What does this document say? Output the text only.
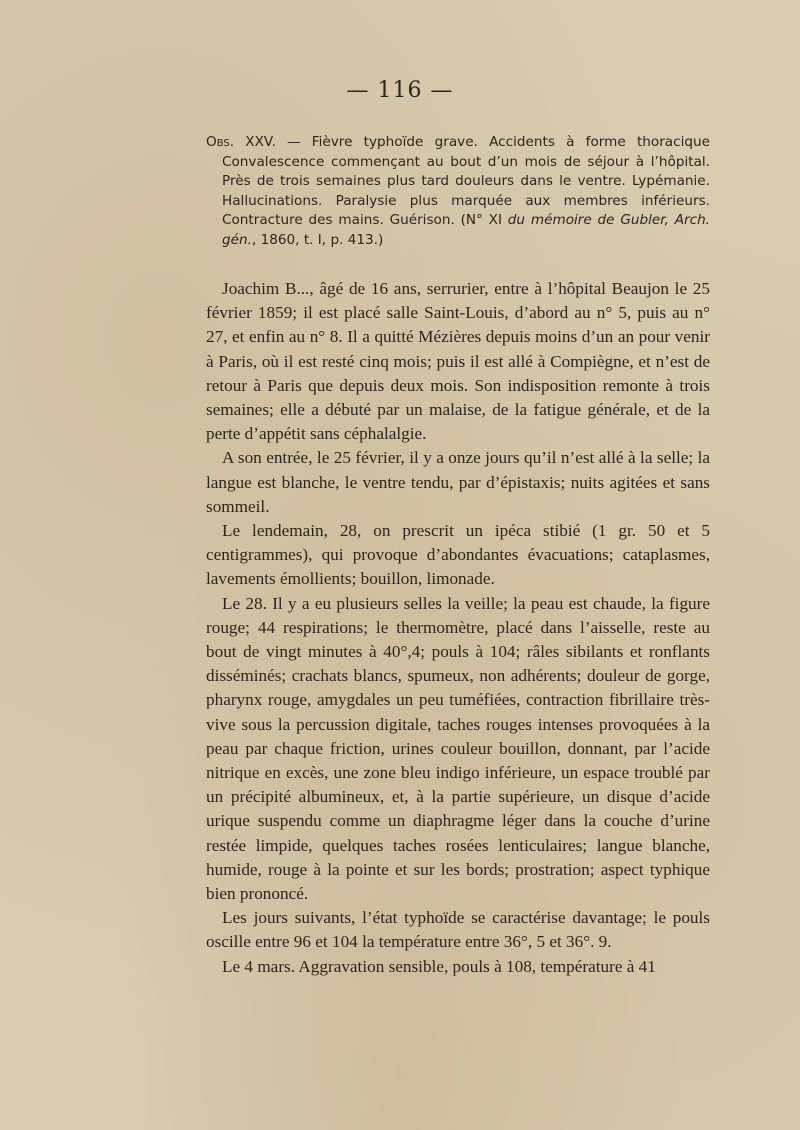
— 116 —

Obs. XXV. — Fièvre typhoïde grave. Accidents à forme thoracique Convalescence commençant au bout d’un mois de séjour à l’hôpital. Près de trois semaines plus tard douleurs dans le ventre. Lypémanie. Hallucinations. Paralysie plus marquée aux membres inférieurs. Contracture des mains. Guérison. (N° XI du mémoire de Gubler, Arch. gén., 1860, t. I, p. 413.)

Joachim B..., âgé de 16 ans, serrurier, entre à l’hôpital Beaujon le 25 février 1859; il est placé salle Saint-Louis, d’abord au n° 5, puis au n° 27, et enfin au n° 8. Il a quitté Mézières depuis moins d’un an pour venir à Paris, où il est resté cinq mois; puis il est allé à Compiègne, et n’est de retour à Paris que depuis deux mois. Son indisposition remonte à trois semaines; elle a débuté par un malaise, de la fatigue générale, et de la perte d’appétit sans céphalalgie.

A son entrée, le 25 février, il y a onze jours qu’il n’est allé à la selle; la langue est blanche, le ventre tendu, par d’épistaxis; nuits agitées et sans sommeil.

Le lendemain, 28, on prescrit un ipéca stibié (1 gr. 50 et 5 centigrammes), qui provoque d’abondantes évacuations; cataplasmes, lavements émollients; bouillon, limonade.

Le 28. Il y a eu plusieurs selles la veille; la peau est chaude, la figure rouge; 44 respirations; le thermomètre, placé dans l’aisselle, reste au bout de vingt minutes à 40°,4; pouls à 104; râles sibilants et ronflants disséminés; crachats blancs, spumeux, non adhérents; douleur de gorge, pharynx rouge, amygdales un peu tuméfiées, contraction fibrillaire très-vive sous la percussion digitale, taches rouges intenses provoquées à la peau par chaque friction, urines couleur bouillon, donnant, par l’acide nitrique en excès, une zone bleu indigo inférieure, un espace troublé par un précipité albumineux, et, à la partie supérieure, un disque d’acide urique suspendu comme un diaphragme léger dans la couche d’urine restée limpide, quelques taches rosées lenticulaires; langue blanche, humide, rouge à la pointe et sur les bords; prostration; aspect typhique bien prononcé.

Les jours suivants, l’état typhoïde se caractérise davantage; le pouls oscille entre 96 et 104 la température entre 36°, 5 et 36°. 9.

Le 4 mars. Aggravation sensible, pouls à 108, température à 41
